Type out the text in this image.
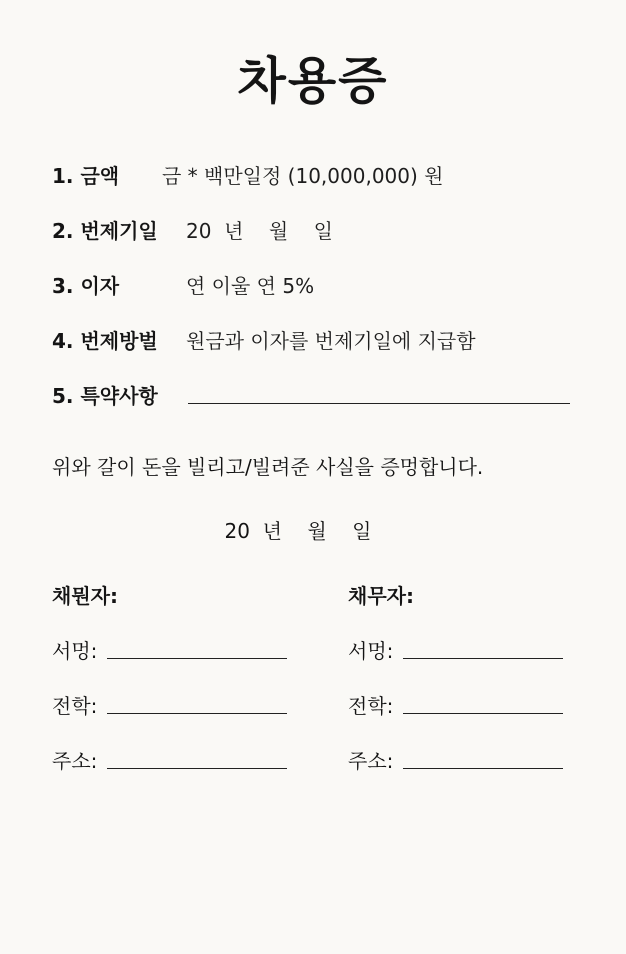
차용증
1. 금액 금 * 백만일정 (10,000,000) 원
2. 번제기일 20  년    월    일
3. 이자	연 이울 연 5%
4. 번제방벌 원금과 이자를 번제기일에 지급함
5. 특약사항
위와 갈이 돈을 빌리고/빌려준 사실을 증멍합니다.
20  년    월    일
채뭔자:
서멍:
전학:
주소:
채무자:
서멍:
전학:
주소:
